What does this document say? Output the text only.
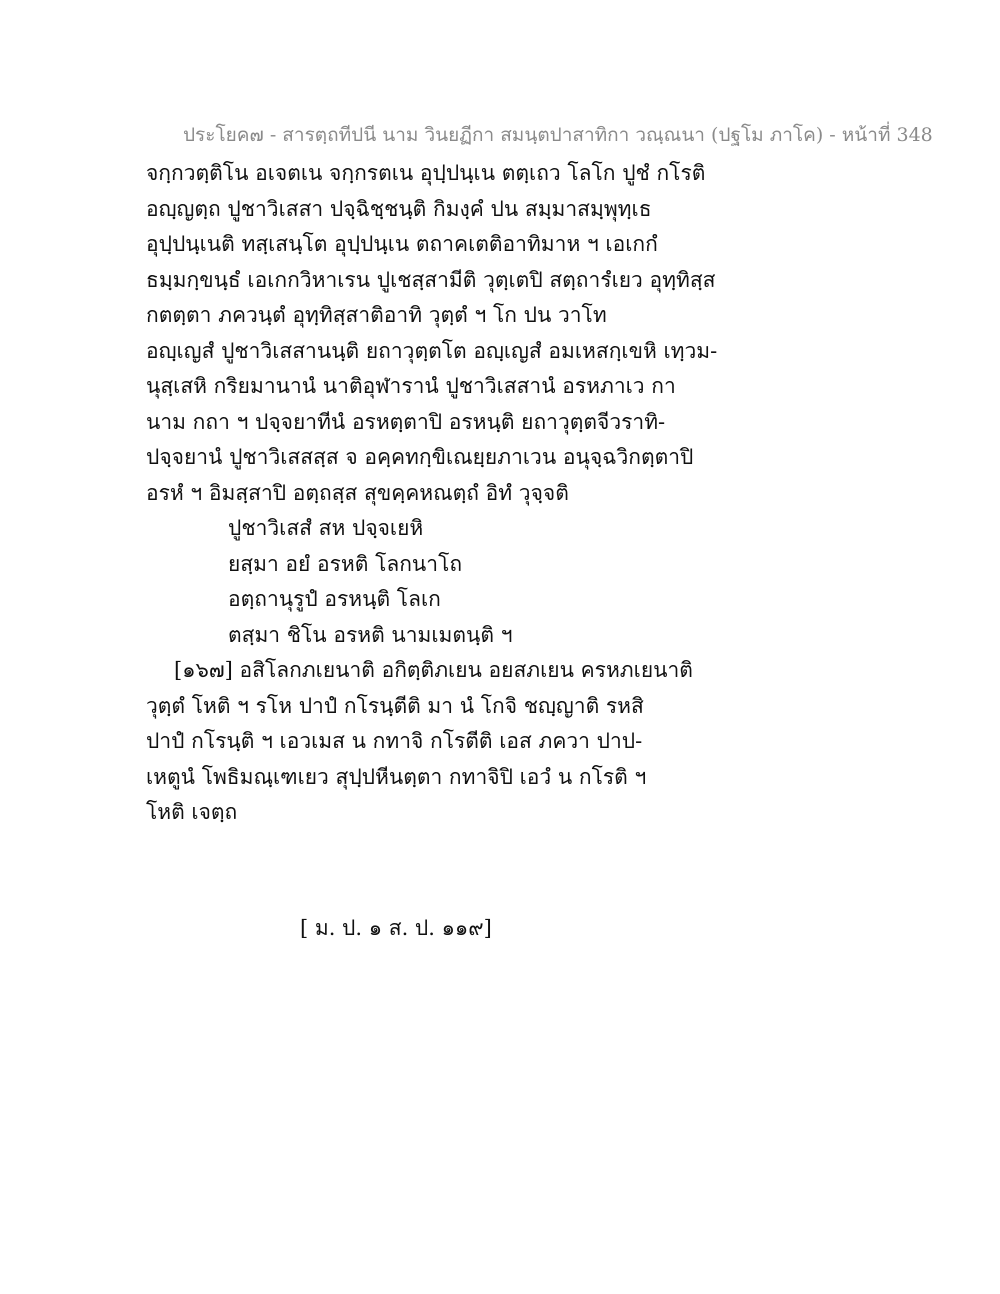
ประโยค๗ - สารตฺถทีปนี นาม วินยฏีกา สมนฺตปาสาทิกา วณฺณนา (ปฐโม ภาโค) - หน้าที่ 348
จกฺกวตฺติโน อเจตเน จกฺกรตเน อุปฺปนฺเน ตตฺเถว โลโก ปูชํ กโรติ
อญฺญตฺถ ปูชาวิเสสา ปจฺฉิชฺชนฺติ กิมงฺคํ ปน สมฺมาสมฺพุทฺเธ
อุปฺปนฺเนติ ทสฺเสนฺโต อุปฺปนฺเน ตถาคเตติอาทิมาห ฯ เอเกกํ
ธมฺมกฺขนฺธํ เอเกกวิหาเรน ปูเชสฺสามีติ วุตฺเตปิ สตฺถารํเยว อุทฺทิสฺส
กตตฺตา ภควนฺตํ อุทฺทิสฺสาติอาทิ วุตฺตํ ฯ โก ปน วาโท
อญฺเญสํ ปูชาวิเสสานนฺติ ยถาวุตฺตโต อญฺเญสํ อมเหสกฺเขหิ เทฺวม-
นุสฺเสหิ กริยมานานํ นาติอุฬารานํ ปูชาวิเสสานํ อรหภาเว กา
นาม กถา ฯ ปจฺจยาทีนํ อรหตฺตาปิ อรหนฺติ ยถาวุตฺตจีวราทิ-
ปจฺจยานํ ปูชาวิเสสสฺส จ อคฺคทกฺขิเณยฺยภาเวน อนุจฺฉวิกตฺตาปิ
อรหํ ฯ อิมสฺสาปิ อตฺถสฺส สุขคฺคหณตฺถํ อิทํ วุจฺจติ
ปูชาวิเสสํ สห ปจฺจเยหิ
ยสฺมา อยํ อรหติ โลกนาโถ
อตฺถานุรูปํ อรหนฺติ โลเก
ตสฺมา ชิโน อรหติ นามเมตนฺติ ฯ
[๑๖๗] อสิโลกภเยนาติ อกิตฺติภเยน อยสภเยน ครหภเยนาติ
วุตฺตํ โหติ ฯ รโห ปาปํ กโรนฺตีติ มา นํ โกจิ ชญฺญาติ รหสิ
ปาปํ กโรนฺติ ฯ เอวเมส น กทาจิ กโรตีติ เอส ภควา ปาป-
เหตูนํ โพธิมณฺเฑเยว สุปฺปหีนตฺตา กทาจิปิ เอวํ น กโรติ ฯ
โหติ เจตฺถ
[ ม. ป. ๑ ส. ป. ๑๑๙]
